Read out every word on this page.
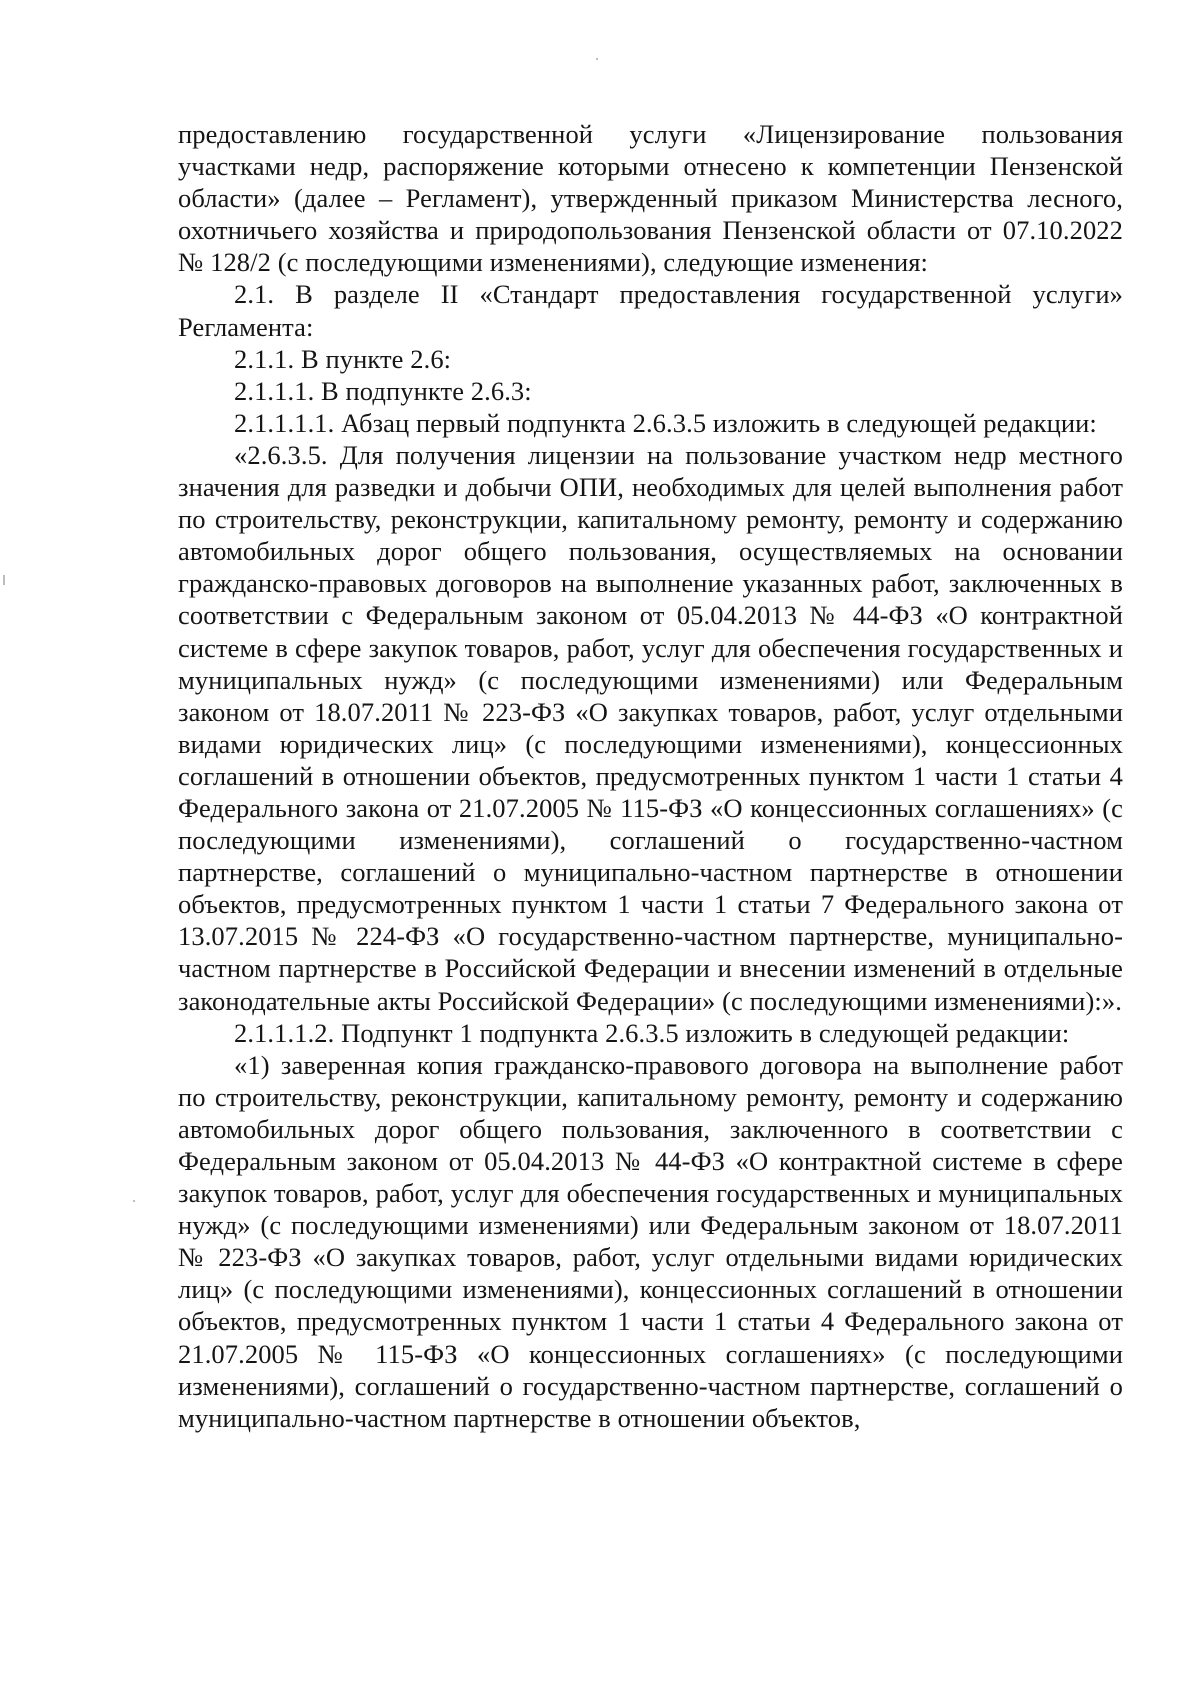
предоставлению государственной услуги «Лицензирование пользования участками недр, распоряжение которыми отнесено к компетенции Пензенской области» (далее – Регламент), утвержденный приказом Министерства лесного, охотничьего хозяйства и природопользования Пензенской области от 07.10.2022 № 128/2 (с последующими изменениями), следующие изменения:

2.1. В разделе II «Стандарт предоставления государственной услуги» Регламента:

2.1.1. В пункте 2.6:

2.1.1.1. В подпункте 2.6.3:

2.1.1.1.1. Абзац первый подпункта 2.6.3.5 изложить в следующей редакции:

«2.6.3.5. Для получения лицензии на пользование участком недр местного значения для разведки и добычи ОПИ, необходимых для целей выполнения работ по строительству, реконструкции, капитальному ремонту, ремонту и содержанию автомобильных дорог общего пользования, осуществляемых на основании гражданско-правовых договоров на выполнение указанных работ, заключенных в соответствии с Федеральным законом от 05.04.2013 № 44-ФЗ «О контрактной системе в сфере закупок товаров, работ, услуг для обеспечения государственных и муниципальных нужд» (с последующими изменениями) или Федеральным законом от 18.07.2011 № 223-ФЗ «О закупках товаров, работ, услуг отдельными видами юридических лиц» (с последующими изменениями), концессионных соглашений в отношении объектов, предусмотренных пунктом 1 части 1 статьи 4 Федерального закона от 21.07.2005 № 115-ФЗ «О концессионных соглашениях» (с последующими изменениями), соглашений о государственно-частном партнерстве, соглашений о муниципально-частном партнерстве в отношении объектов, предусмотренных пунктом 1 части 1 статьи 7 Федерального закона от 13.07.2015 № 224-ФЗ «О государственно-частном партнерстве, муниципально-частном партнерстве в Российской Федерации и внесении изменений в отдельные законодательные акты Российской Федерации» (с последующими изменениями):».

2.1.1.1.2. Подпункт 1 подпункта 2.6.3.5 изложить в следующей редакции:

«1) заверенная копия гражданско-правового договора на выполнение работ по строительству, реконструкции, капитальному ремонту, ремонту и содержанию автомобильных дорог общего пользования, заключенного в соответствии с Федеральным законом от 05.04.2013 № 44-ФЗ «О контрактной системе в сфере закупок товаров, работ, услуг для обеспечения государственных и муниципальных нужд» (с последующими изменениями) или Федеральным законом от 18.07.2011 № 223-ФЗ «О закупках товаров, работ, услуг отдельными видами юридических лиц» (с последующими изменениями), концессионных соглашений в отношении объектов, предусмотренных пунктом 1 части 1 статьи 4 Федерального закона от 21.07.2005 № 115-ФЗ «О концессионных соглашениях» (с последующими изменениями), соглашений о государственно-частном партнерстве, соглашений о муниципально-частном партнерстве в отношении объектов,
